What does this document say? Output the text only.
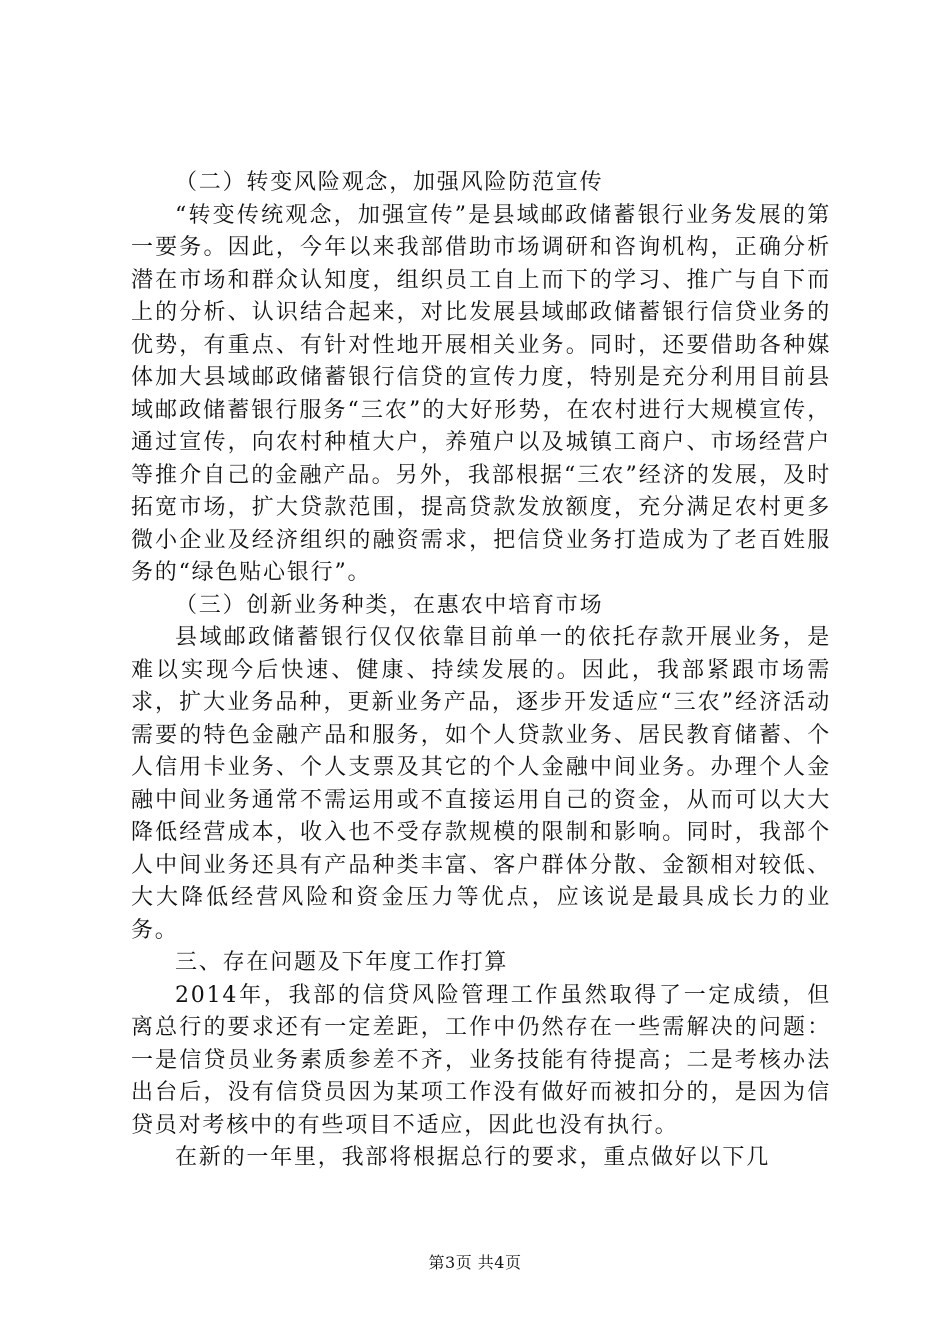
（二）转变风险观念，加强风险防范宣传

“转变传统观念，加强宣传”是县域邮政储蓄银行业务发展的第一要务。因此，今年以来我部借助市场调研和咨询机构，正确分析潜在市场和群众认知度，组织员工自上而下的学习、推广与自下而上的分析、认识结合起来，对比发展县域邮政储蓄银行信贷业务的优势，有重点、有针对性地开展相关业务。同时，还要借助各种媒体加大县域邮政储蓄银行信贷的宣传力度，特别是充分利用目前县域邮政储蓄银行服务“三农”的大好形势，在农村进行大规模宣传，通过宣传，向农村种植大户，养殖户以及城镇工商户、市场经营户等推介自己的金融产品。另外，我部根据“三农”经济的发展，及时拓宽市场，扩大贷款范围，提高贷款发放额度，充分满足农村更多微小企业及经济组织的融资需求，把信贷业务打造成为了老百姓服务的“绿色贴心银行”。

（三）创新业务种类，在惠农中培育市场

县域邮政储蓄银行仅仅依靠目前单一的依托存款开展业务，是难以实现今后快速、健康、持续发展的。因此，我部紧跟市场需求，扩大业务品种，更新业务产品，逐步开发适应“三农”经济活动需要的特色金融产品和服务，如个人贷款业务、居民教育储蓄、个人信用卡业务、个人支票及其它的个人金融中间业务。办理个人金融中间业务通常不需运用或不直接运用自己的资金，从而可以大大降低经营成本，收入也不受存款规模的限制和影响。同时，我部个人中间业务还具有产品种类丰富、客户群体分散、金额相对较低、大大降低经营风险和资金压力等优点，应该说是最具成长力的业务。

三、存在问题及下年度工作打算

2014年，我部的信贷风险管理工作虽然取得了一定成绩，但离总行的要求还有一定差距，工作中仍然存在一些需解决的问题：一是信贷员业务素质参差不齐，业务技能有待提高；二是考核办法出台后，没有信贷员因为某项工作没有做好而被扣分的，是因为信贷员对考核中的有些项目不适应，因此也没有执行。

在新的一年里，我部将根据总行的要求，重点做好以下几

第3页 共4页
